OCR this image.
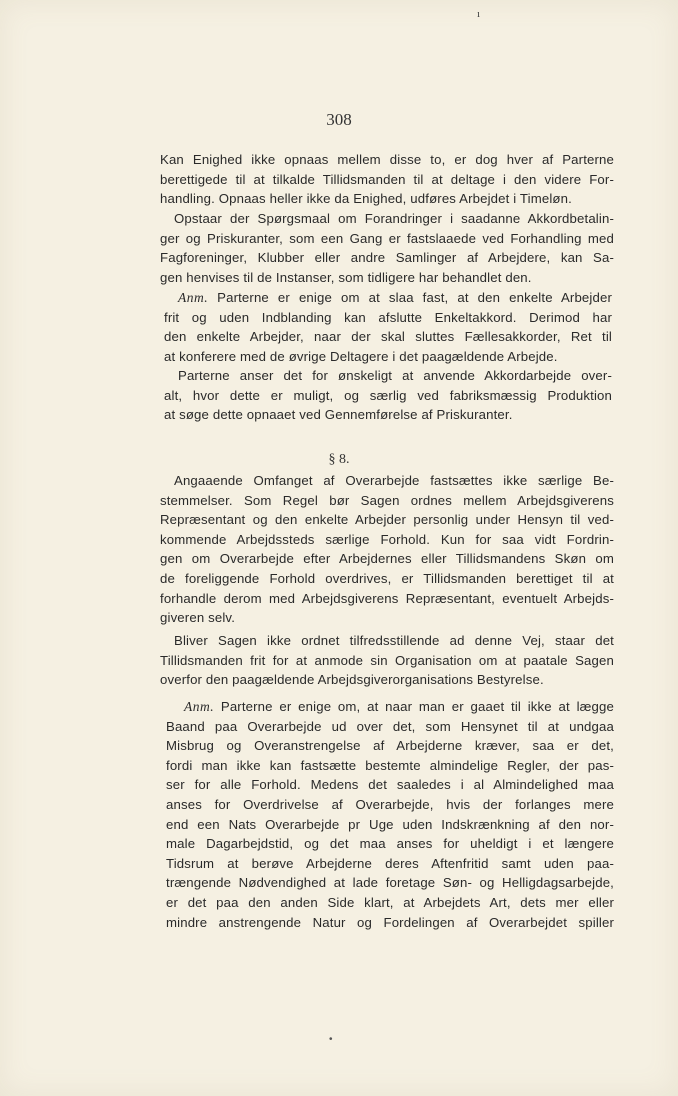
ı
308
Kan Enighed ikke opnaas mellem disse to, er dog hver af Parterne
berettigede til at tilkalde Tillidsmanden til at deltage i den videre For-
handling. Opnaas heller ikke da Enighed, udføres Arbejdet i Timeløn.
Opstaar der Spørgsmaal om Forandringer i saadanne Akkordbetalin-
ger og Priskuranter, som een Gang er fastslaaede ved Forhandling med
Fagforeninger, Klubber eller andre Samlinger af Arbejdere, kan Sa-
gen henvises til de Instanser, som tidligere har behandlet den.
Anm. Parterne er enige om at slaa fast, at den enkelte Arbejder
frit og uden Indblanding kan afslutte Enkeltakkord. Derimod har
den enkelte Arbejder, naar der skal sluttes Fællesakkorder, Ret til
at konferere med de øvrige Deltagere i det paagældende Arbejde.
Parterne anser det for ønskeligt at anvende Akkordarbejde over-
alt, hvor dette er muligt, og særlig ved fabriksmæssig Produktion
at søge dette opnaaet ved Gennemførelse af Priskuranter.
§ 8.
Angaaende Omfanget af Overarbejde fastsættes ikke særlige Be-
stemmelser. Som Regel bør Sagen ordnes mellem Arbejdsgiverens
Repræsentant og den enkelte Arbejder personlig under Hensyn til ved-
kommende Arbejdssteds særlige Forhold. Kun for saa vidt Fordrin-
gen om Overarbejde efter Arbejdernes eller Tillidsmandens Skøn om
de foreliggende Forhold overdrives, er Tillidsmanden berettiget til at
forhandle derom med Arbejdsgiverens Repræsentant, eventuelt Arbejds-
giveren selv.
Bliver Sagen ikke ordnet tilfredsstillende ad denne Vej, staar det
Tillidsmanden frit for at anmode sin Organisation om at paatale Sagen
overfor den paagældende Arbejdsgiverorganisations Bestyrelse.
Anm. Parterne er enige om, at naar man er gaaet til ikke at lægge
Baand paa Overarbejde ud over det, som Hensynet til at undgaa
Misbrug og Overanstrengelse af Arbejderne kræver, saa er det,
fordi man ikke kan fastsætte bestemte almindelige Regler, der pas-
ser for alle Forhold. Medens det saaledes i al Almindelighed maa
anses for Overdrivelse af Overarbejde, hvis der forlanges mere
end een Nats Overarbejde pr Uge uden Indskrænkning af den nor-
male Dagarbejdstid, og det maa anses for uheldigt i et længere
Tidsrum at berøve Arbejderne deres Aftenfritid samt uden paa-
trængende Nødvendighed at lade foretage Søn- og Helligdagsarbejde,
er det paa den anden Side klart, at Arbejdets Art, dets mer eller
mindre anstrengende Natur og Fordelingen af Overarbejdet spiller
•
